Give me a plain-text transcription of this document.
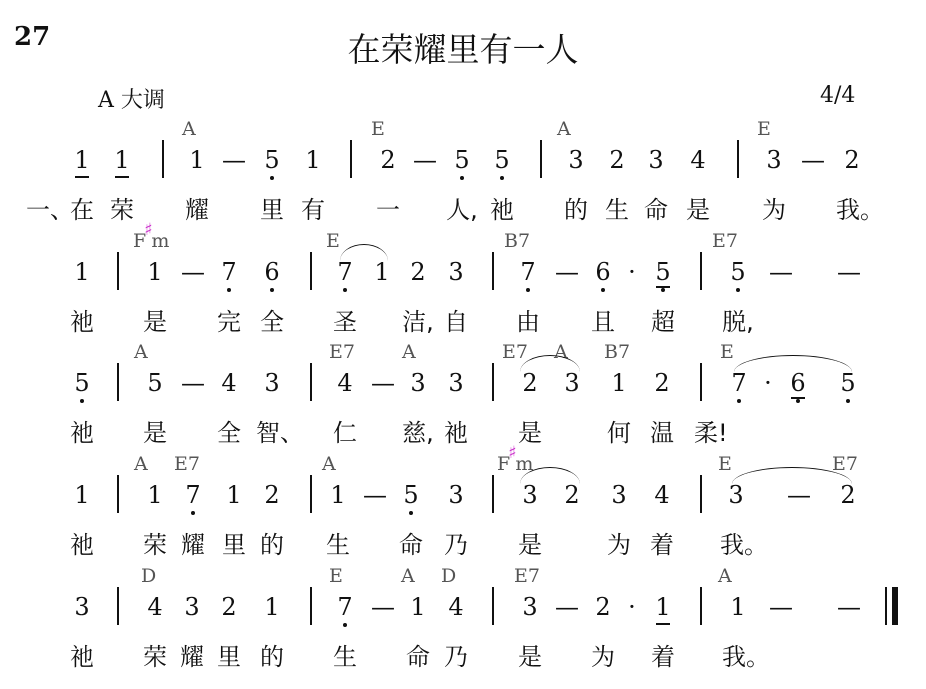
27	在荣耀里有一人
A 大调	4/4
A	E	A	E
1 1 1 — 5 1 2 — 5 5 3 2 3 4	3 — 2
一、
在 荣 耀 里 有 一 人, 祂 的 生 命 是 为 我。
F♯m	E	B7	E7
1 1 — 7 6 7 1 2 3 7 — 6 · 5 5 — —
祂 是 完 全 圣 洁, 自 由 且 超 脱,
A	E7 A	E7 A B7	E
5 5 — 4 3 4 — 3 3 2 3 1 2	7 · 6 5
祂 是 全 智、 仁 慈, 祂 是	何 温 柔!
A E7	A	F♯m	E	E7
1 1 7 1 2 1 — 5 3 3 2 3 4 3 — 2
祂 荣 耀 里 的 生 命 乃 是	为 着 我。
D	E	A D	E7	A
3 4 3 2 1 7 — 1 4 3 — 2 · 1 1 — —
祂 荣 耀 里 的 生 命 乃 是 为 着 我。
